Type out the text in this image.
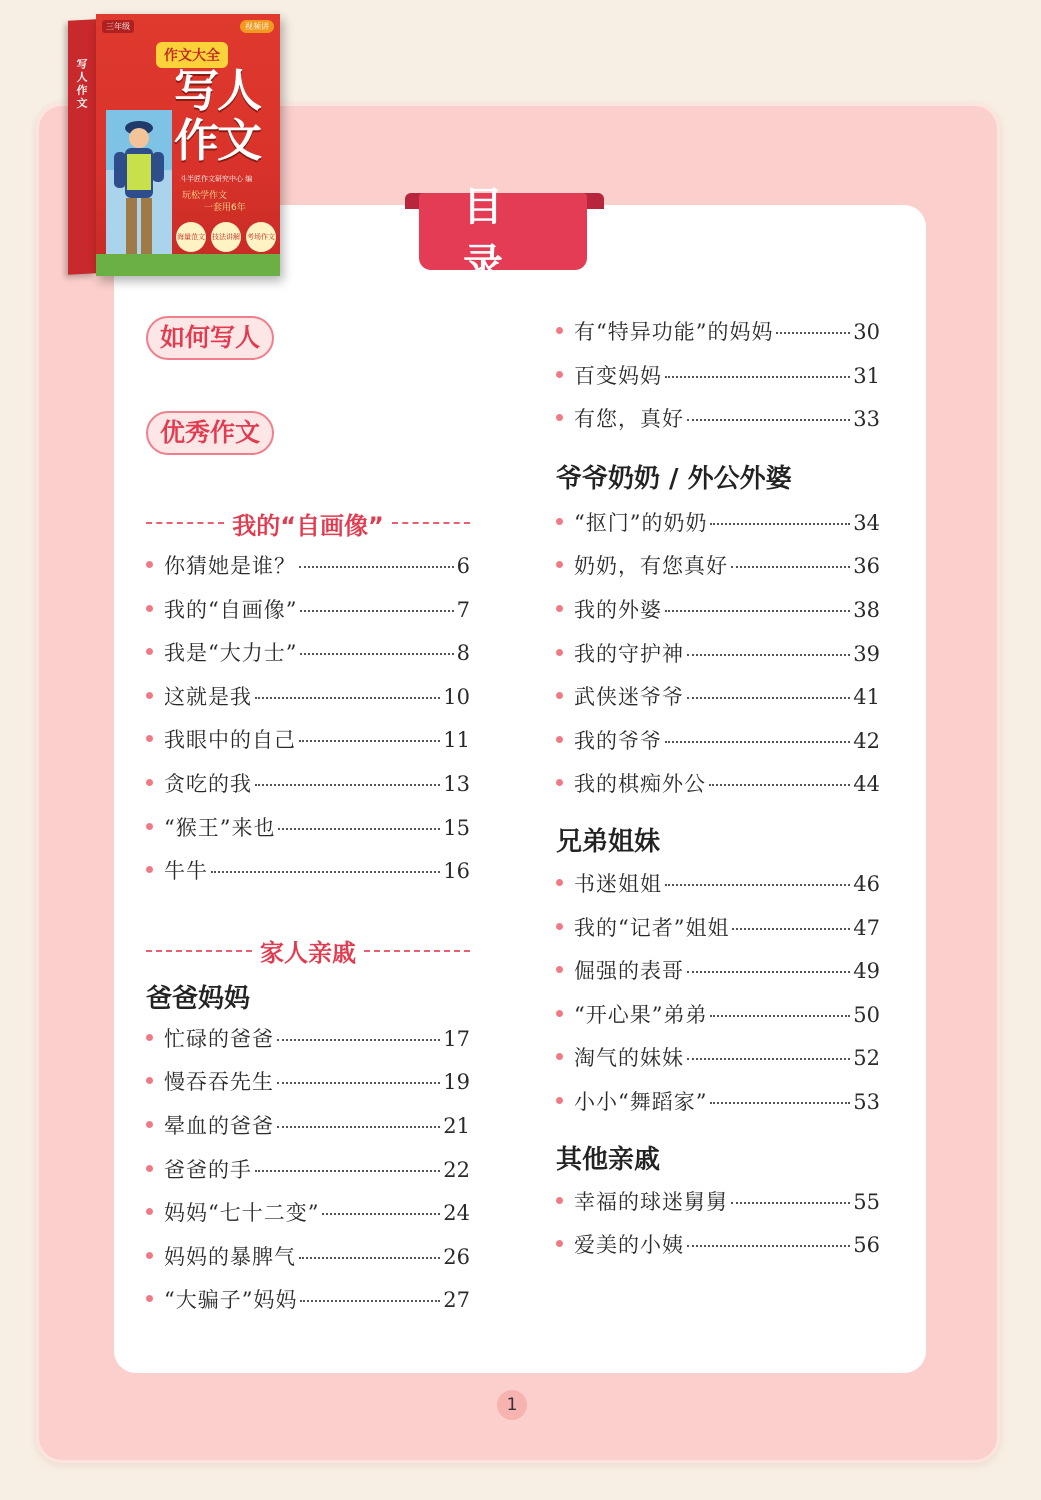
写人作文
三年级	视频讲
作文大全
写人作文
斗半匠作文研究中心 编
玩松学作文
一套用6年
海量范文 技法讲解 考场作文
目录
如何写人
优秀作文
我的“自画像”
你猜她是谁？	6
我的“自画像”	7
我是“大力士”	8
这就是我	10
我眼中的自己	11
贪吃的我	13
“猴王”来也	15
牛牛	16
家人亲戚
爸爸妈妈
忙碌的爸爸	17
慢吞吞先生	19
晕血的爸爸	21
爸爸的手	22
妈妈“七十二变”	24
妈妈的暴脾气	26
“大骗子”妈妈	27
有“特异功能”的妈妈	30
百变妈妈	31
有您，真好	33
爷爷奶奶 / 外公外婆
“抠门”的奶奶	34
奶奶，有您真好	36
我的外婆	38
我的守护神	39
武侠迷爷爷	41
我的爷爷	42
我的棋痴外公	44
兄弟姐妹
书迷姐姐	46
我的“记者”姐姐	47
倔强的表哥	49
“开心果”弟弟	50
淘气的妹妹	52
小小“舞蹈家”	53
其他亲戚
幸福的球迷舅舅	55
爱美的小姨	56
1
